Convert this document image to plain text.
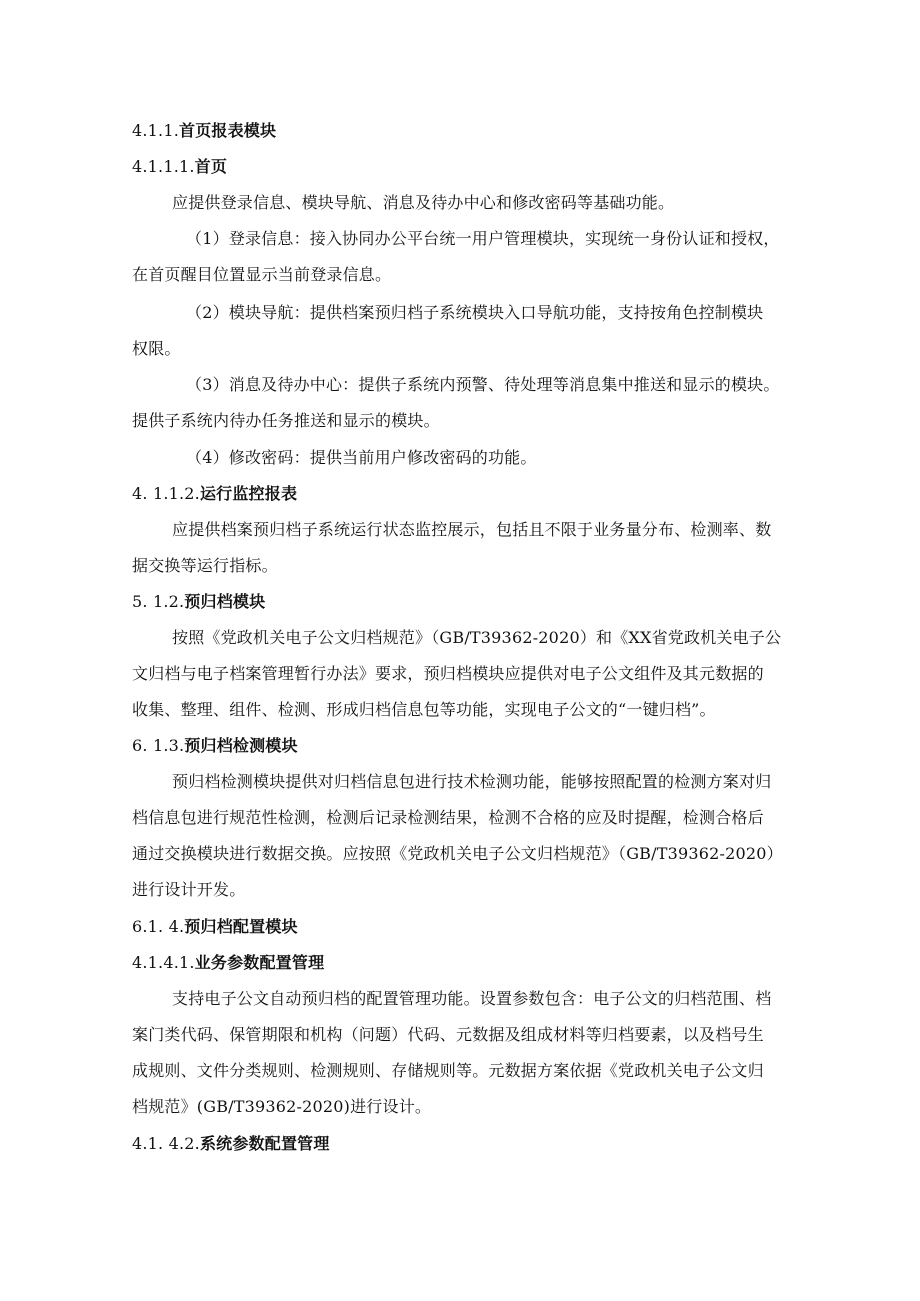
4.1.1.首页报表模块
4.1.1.1.首页
应提供登录信息、模块导航、消息及待办中心和修改密码等基础功能。
（1）登录信息：接入协同办公平台统一用户管理模块，实现统一身份认证和授权，
在首页醒目位置显示当前登录信息。
（2）模块导航：提供档案预归档子系统模块入口导航功能，支持按角色控制模块
权限。
（3）消息及待办中心：提供子系统内预警、待处理等消息集中推送和显示的模块。
提供子系统内待办任务推送和显示的模块。
（4）修改密码：提供当前用户修改密码的功能。
4. 1.1.2.运行监控报表
应提供档案预归档子系统运行状态监控展示，包括且不限于业务量分布、检测率、数
据交换等运行指标。
5. 1.2.预归档模块
按照《党政机关电子公文归档规范》（GB/T39362-2020）和《XX省党政机关电子公
文归档与电子档案管理暂行办法》要求，预归档模块应提供对电子公文组件及其元数据的
收集、整理、组件、检测、形成归档信息包等功能，实现电子公文的“一键归档”。
6. 1.3.预归档检测模块
预归档检测模块提供对归档信息包进行技术检测功能，能够按照配置的检测方案对归
档信息包进行规范性检测，检测后记录检测结果，检测不合格的应及时提醒，检测合格后
通过交换模块进行数据交换。应按照《党政机关电子公文归档规范》（GB/T39362-2020）
进行设计开发。
6.1. 4.预归档配置模块
4.1.4.1.业务参数配置管理
支持电子公文自动预归档的配置管理功能。设置参数包含：电子公文的归档范围、档
案门类代码、保管期限和机构（问题）代码、元数据及组成材料等归档要素，以及档号生
成规则、文件分类规则、检测规则、存储规则等。元数据方案依据《党政机关电子公文归
档规范》(GB/T39362-2020)进行设计。
4.1. 4.2.系统参数配置管理
